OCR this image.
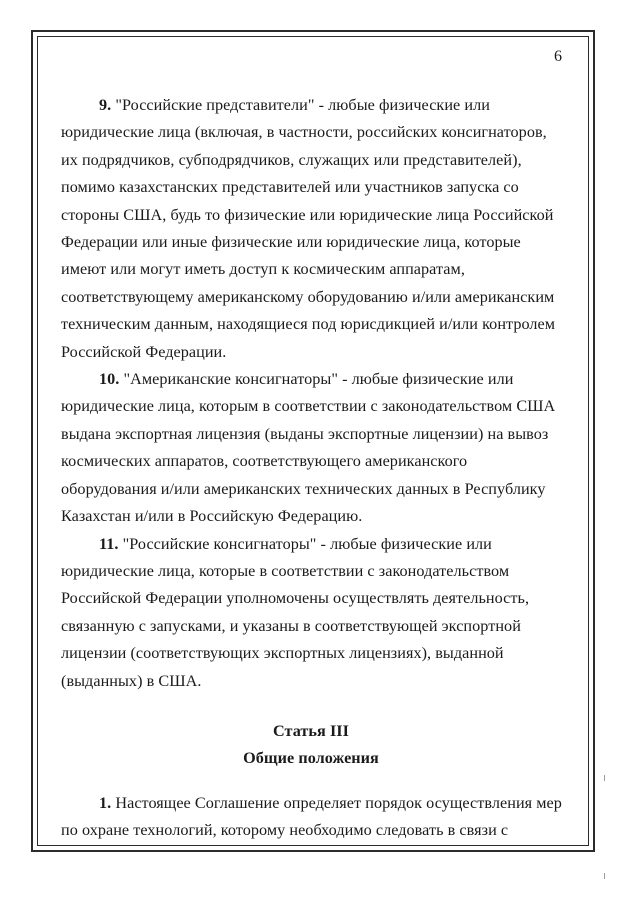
6
9. "Российские представители" - любые физические или
юридические лица (включая, в частности, российских консигнаторов,
их подрядчиков, субподрядчиков, служащих или представителей),
помимо казахстанских представителей или участников запуска со
стороны США, будь то физические или юридические лица Российской
Федерации или иные физические или юридические лица, которые
имеют или могут иметь доступ к космическим аппаратам,
соответствующему американскому оборудованию и/или американским
техническим данным, находящиеся под юрисдикцией и/или контролем
Российской Федерации.
10. "Американские консигнаторы" - любые физические или
юридические лица, которым в соответствии с законодательством США
выдана экспортная лицензия (выданы экспортные лицензии) на вывоз
космических аппаратов, соответствующего американского
оборудования и/или американских технических данных в Республику
Казахстан и/или в Российскую Федерацию.
11. "Российские консигнаторы" - любые физические или
юридические лица, которые в соответствии с законодательством
Российской Федерации уполномочены осуществлять деятельность,
связанную с запусками, и указаны в соответствующей экспортной
лицензии (соответствующих экспортных лицензиях), выданной
(выданных) в США.
Статья III
Общие положения
1. Настоящее Соглашение определяет порядок осуществления мер
по охране технологий, которому необходимо следовать в связи с
